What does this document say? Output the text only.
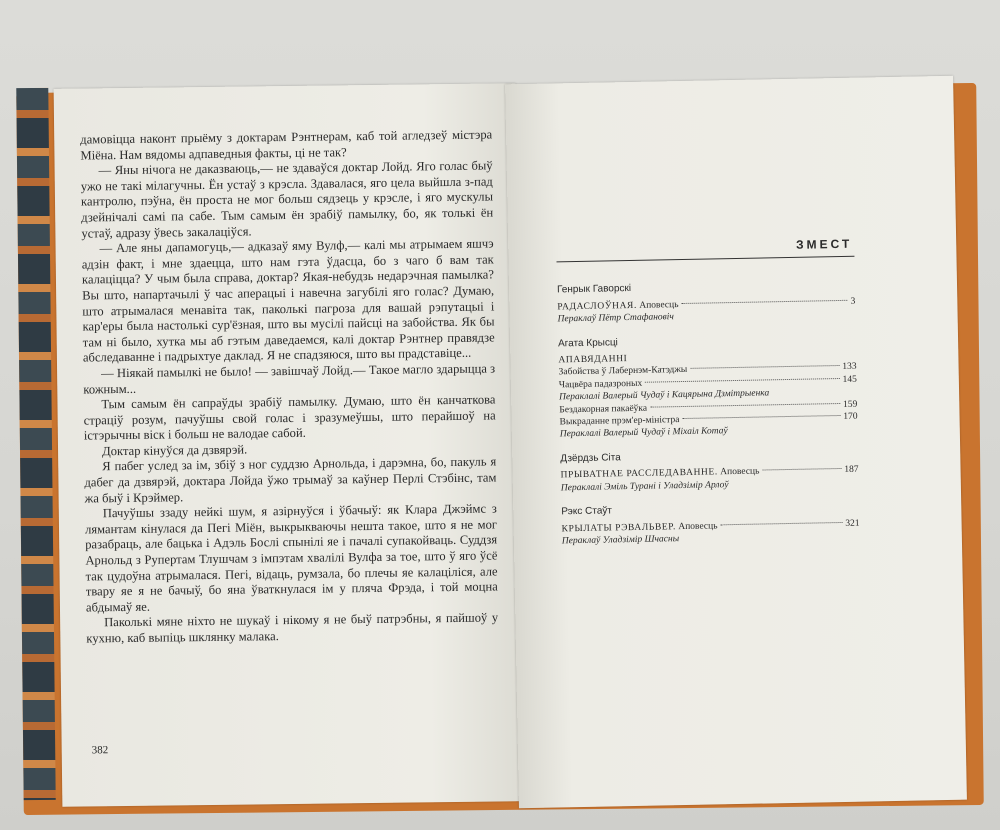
дамовіцца наконт прыёму з доктарам Рэнтнерам, каб той агледзеў містэра Міёна. Нам вядомы адпаведныя факты, ці не так?

— Яны нічога не даказваюць,— не здаваўся доктар Лойд. Яго голас быў ужо не такі мілагучны. Ён устаў з крэсла. Здавалася, яго цела выйшла з-пад кантролю, пэўна, ён проста не мог больш сядзець у крэсле, і яго мускулы дзейнічалі самі па сабе. Тым самым ён зрабіў памылку, бо, як толькі ён устаў, адразу ўвесь закалаціўся.

— Але яны дапамогуць,— адказаў яму Вулф,— калі мы атрымаем яшчэ адзін факт, і мне здаецца, што нам гэта ўдасца, бо з чаго б вам так калаціцца? У чым была справа, доктар? Якая-небудзь недарэчная памылка? Вы што, напартачылі ў час аперацыі і навечна загубілі яго голас? Думаю, што атрымалася менавіта так, паколькі пагроза для вашай рэпутацыі і кар'еры была настолькі сур'ёзная, што вы мусілі пайсці на забойства. Як бы там ні было, хутка мы аб гэтым даведаемся, калі доктар Рэнтнер правядзе абследаванне і падрыхтуе даклад. Я не спадзяюся, што вы прадставіце...

— Ніякай памылкі не было! — завішчаў Лойд.— Такое магло здарыцца з кожным...

Тым самым ён сапраўды зрабіў памылку. Думаю, што ён канчаткова страціў розум, пачуўшы свой голас і зразумеўшы, што перайшоў на істэрычны віск і больш не валодае сабой.

Доктар кінуўся да дзвярэй.

Я пабег услед за ім, збіў з ног суддзю Арнольда, і дарэмна, бо, пакуль я дабег да дзвярэй, доктара Лойда ўжо трымаў за каўнер Перлі Стэбінс, там жа быў і Крэймер.

Пачуўшы ззаду нейкі шум, я азірнуўся і ўбачыў: як Клара Джэймс з лямантам кінулася да Пегі Міён, выкрыкваючы нешта такое, што я не мог разабраць, але бацька і Адэль Бослі спынілі яе і пачалі супакойваць. Суддзя Арнольд з Рупертам Тлушчам з імпэтам хвалілі Вулфа за тое, што ў яго ўсё так цудоўна атрымалася. Пегі, відаць, румзала, бо плечы яе калаціліся, але твару яе я не бачыў, бо яна ўваткнулася ім у пляча Фрэда, і той моцна абдымаў яе.

Паколькі мяне ніхто не шукаў і нікому я не быў патрэбны, я пайшоў у кухню, каб выпіць шклянку малака.

382
ЗМЕСТ
Генрык Гаворскі
РАДАСЛОЎНАЯ. Аповесць	3
Пераклаў Пётр Стафановіч
Агата Крысці
АПАВЯДАННІ
Забойства ў Лабернэм-Катэджы	133
Чацвёра падазроных	145
Пераклалі Валерый Чудаў і Кацярына Дзмітрыенка
Бездакорная пакаёўка	159
Выкраданне прэм'ер-міністра	170
Пераклалі Валерый Чудаў і Міхаіл Котаў
Дзёрдзь Сіта
ПРЫВАТНАЕ РАССЛЕДАВАННЕ. Аповесць	187
Пераклалі Эміль Турані і Уладзімір Арлоў
Рэкс Стаўт
КРЫЛАТЫ РЭВАЛЬВЕР. Аповесць	321
Пераклаў Уладзімір Шчасны
